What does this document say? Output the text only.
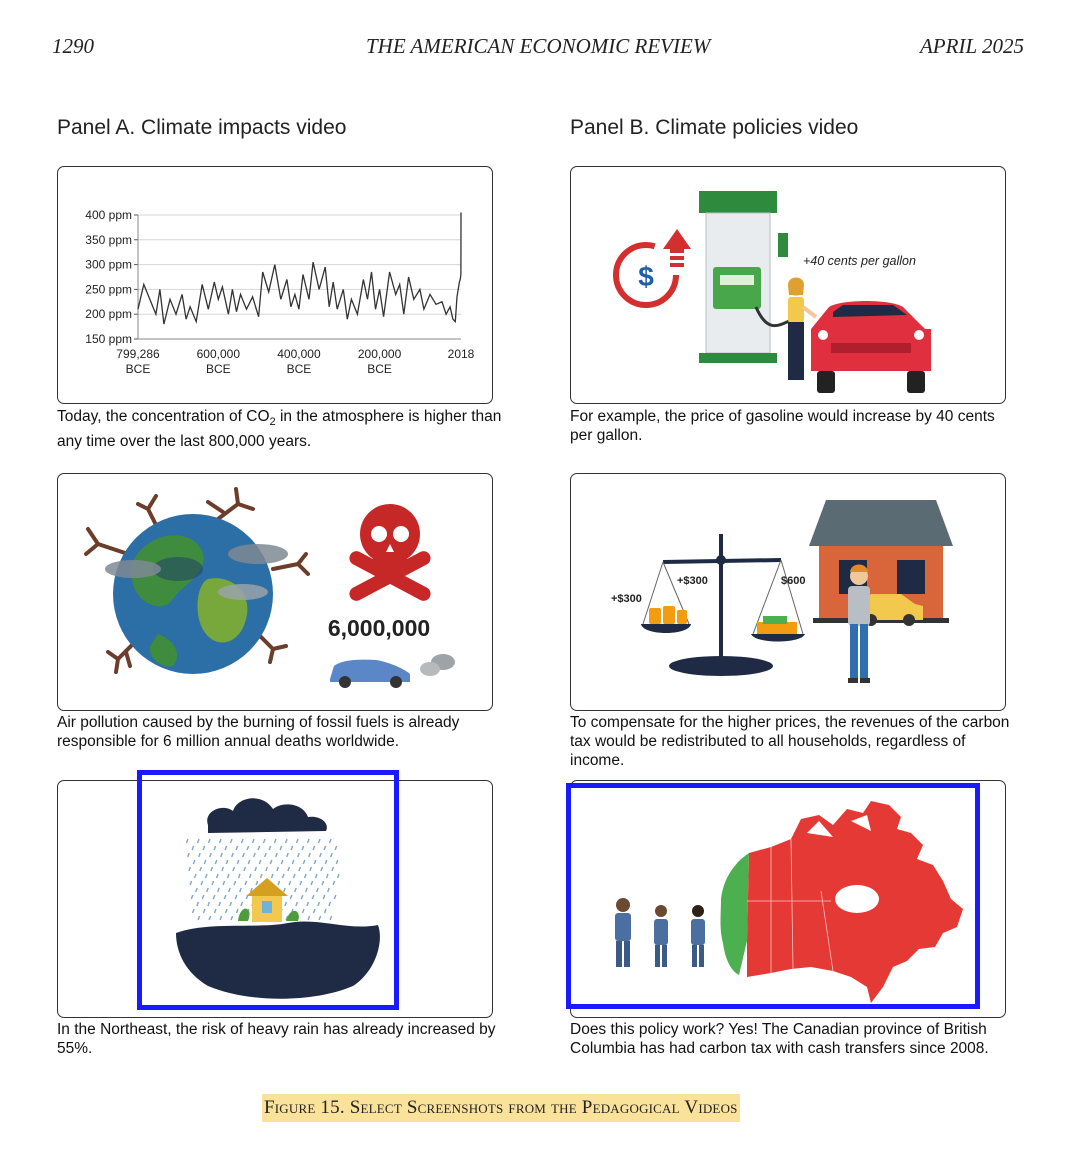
1290	THE AMERICAN ECONOMIC REVIEW	APRIL 2025
Panel A. Climate impacts video	Panel B. Climate policies video
400 ppm
350 ppm
300 ppm
250 ppm
200 ppm
150 ppm
799,286
BCE
600,000
BCE
400,000
BCE
200,000
BCE
2018
Today, the concentration of $CO_2$ in the atmosphere is higher than any time over the last 800,000 years.
6,000,000
Air pollution caused by the burning of fossil fuels is already responsible for 6 million annual deaths worldwide.
In the Northeast, the risk of heavy rain has already increased by 55%.
$	+40 cents per gallon
For example, the price of gasoline would increase by 40 cents per gallon.
+$300
+$300	$600
To compensate for the higher prices, the revenues of the carbon tax would be redistributed to all households, regardless of income.
Does this policy work? Yes! The Canadian province of British Columbia has had carbon tax with cash transfers since 2008.
Figure 15. Select Screenshots from the Pedagogical Videos
